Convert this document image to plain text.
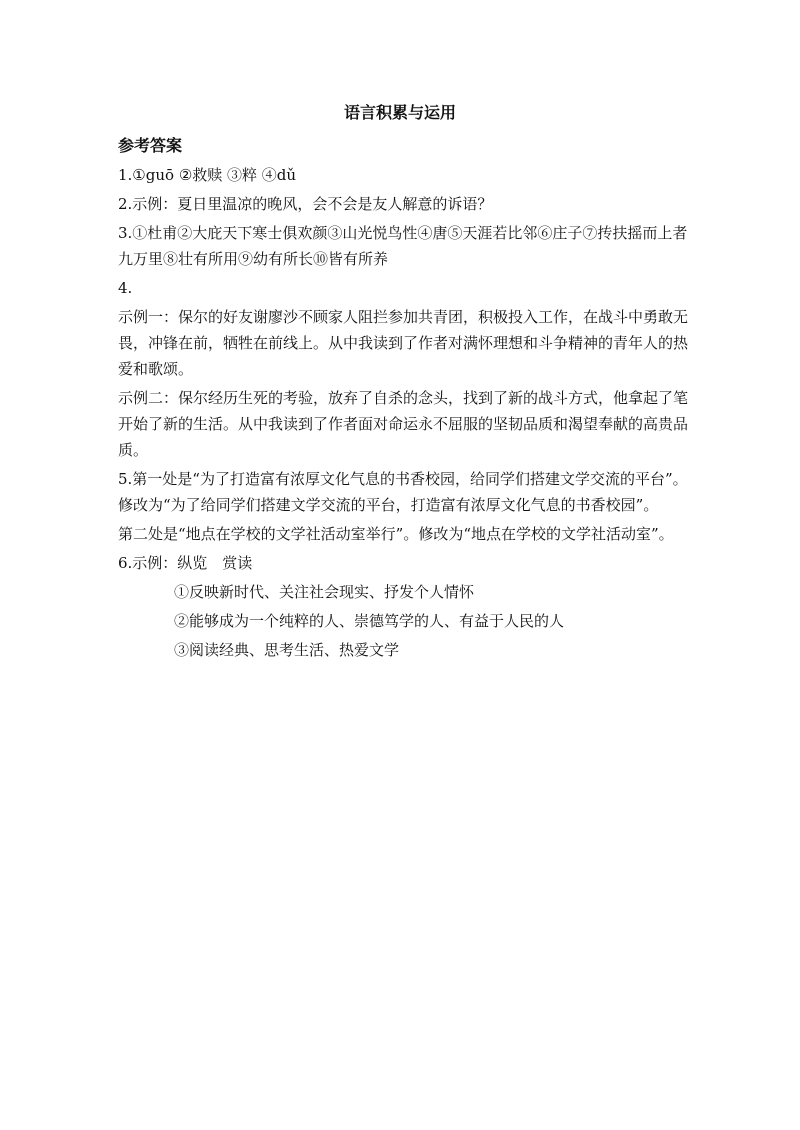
语言积累与运用
参考答案

1.①guō ②救赎 ③粹 ④dǔ

2.示例：夏日里温凉的晚风，会不会是友人解意的诉语？

3.①杜甫②大庇天下寒士俱欢颜③山光悦鸟性④唐⑤天涯若比邻⑥庄子⑦抟扶摇而上者九万里⑧壮有所用⑨幼有所长⑩皆有所养

4.

示例一：保尔的好友谢廖沙不顾家人阻拦参加共青团，积极投入工作，在战斗中勇敢无畏，冲锋在前，牺牲在前线上。从中我读到了作者对满怀理想和斗争精神的青年人的热爱和歌颂。

示例二：保尔经历生死的考验，放弃了自杀的念头，找到了新的战斗方式，他拿起了笔开始了新的生活。从中我读到了作者面对命运永不屈服的坚韧品质和渴望奉献的高贵品质。

5.第一处是“为了打造富有浓厚文化气息的书香校园，给同学们搭建文学交流的平台”。修改为“为了给同学们搭建文学交流的平台，打造富有浓厚文化气息的书香校园”。

第二处是“地点在学校的文学社活动室举行”。修改为“地点在学校的文学社活动室”。

6.示例：纵览　赏读

①反映新时代、关注社会现实、抒发个人情怀

②能够成为一个纯粹的人、崇德笃学的人、有益于人民的人

③阅读经典、思考生活、热爱文学
